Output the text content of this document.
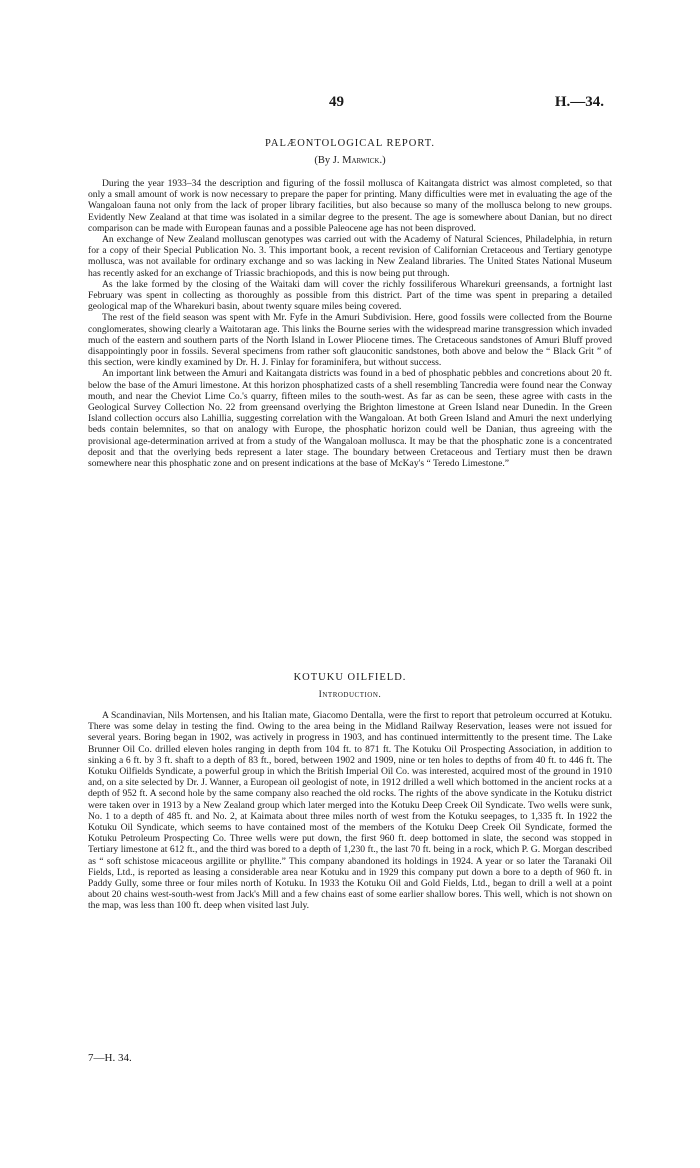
49	H.—34.
PALÆONTOLOGICAL REPORT.
(By J. Marwick.)

During the year 1933–34 the description and figuring of the fossil mollusca of Kaitangata district was almost completed, so that only a small amount of work is now necessary to prepare the paper for printing. Many difficulties were met in evaluating the age of the Wangaloan fauna not only from the lack of proper library facilities, but also because so many of the mollusca belong to new groups. Evidently New Zealand at that time was isolated in a similar degree to the present. The age is somewhere about Danian, but no direct comparison can be made with European faunas and a possible Paleocene age has not been disproved.

An exchange of New Zealand molluscan genotypes was carried out with the Academy of Natural Sciences, Philadelphia, in return for a copy of their Special Publication No. 3. This important book, a recent revision of Californian Cretaceous and Tertiary genotype mollusca, was not available for ordinary exchange and so was lacking in New Zealand libraries. The United States National Museum has recently asked for an exchange of Triassic brachiopods, and this is now being put through.

As the lake formed by the closing of the Waitaki dam will cover the richly fossiliferous Wharekuri greensands, a fortnight last February was spent in collecting as thoroughly as possible from this district. Part of the time was spent in preparing a detailed geological map of the Wharekuri basin, about twenty square miles being covered.

The rest of the field season was spent with Mr. Fyfe in the Amuri Subdivision. Here, good fossils were collected from the Bourne conglomerates, showing clearly a Waitotaran age. This links the Bourne series with the widespread marine transgression which invaded much of the eastern and southern parts of the North Island in Lower Pliocene times. The Cretaceous sandstones of Amuri Bluff proved disappointingly poor in fossils. Several specimens from rather soft glauconitic sandstones, both above and below the “ Black Grit ” of this section, were kindly examined by Dr. H. J. Finlay for foraminifera, but without success.

An important link between the Amuri and Kaitangata districts was found in a bed of phosphatic pebbles and concretions about 20 ft. below the base of the Amuri limestone. At this horizon phosphatized casts of a shell resembling Tancredia were found near the Conway mouth, and near the Cheviot Lime Co.'s quarry, fifteen miles to the south-west. As far as can be seen, these agree with casts in the Geological Survey Collection No. 22 from greensand overlying the Brighton limestone at Green Island near Dunedin. In the Green Island collection occurs also Lahillia, suggesting correlation with the Wangaloan. At both Green Island and Amuri the next underlying beds contain belemnites, so that on analogy with Europe, the phosphatic horizon could well be Danian, thus agreeing with the provisional age-determination arrived at from a study of the Wangaloan mollusca. It may be that the phosphatic zone is a concentrated deposit and that the overlying beds represent a later stage. The boundary between Cretaceous and Tertiary must then be drawn somewhere near this phosphatic zone and on present indications at the base of McKay's “ Teredo Limestone.”

KOTUKU OILFIELD.
Introduction.

A Scandinavian, Nils Mortensen, and his Italian mate, Giacomo Dentalla, were the first to report that petroleum occurred at Kotuku. There was some delay in testing the find. Owing to the area being in the Midland Railway Reservation, leases were not issued for several years. Boring began in 1902, was actively in progress in 1903, and has continued intermittently to the present time. The Lake Brunner Oil Co. drilled eleven holes ranging in depth from 104 ft. to 871 ft. The Kotuku Oil Prospecting Association, in addition to sinking a 6 ft. by 3 ft. shaft to a depth of 83 ft., bored, between 1902 and 1909, nine or ten holes to depths of from 40 ft. to 446 ft. The Kotuku Oilfields Syndicate, a powerful group in which the British Imperial Oil Co. was interested, acquired most of the ground in 1910 and, on a site selected by Dr. J. Wanner, a European oil geologist of note, in 1912 drilled a well which bottomed in the ancient rocks at a depth of 952 ft. A second hole by the same company also reached the old rocks. The rights of the above syndicate in the Kotuku district were taken over in 1913 by a New Zealand group which later merged into the Kotuku Deep Creek Oil Syndicate. Two wells were sunk, No. 1 to a depth of 485 ft. and No. 2, at Kaimata about three miles north of west from the Kotuku seepages, to 1,335 ft. In 1922 the Kotuku Oil Syndicate, which seems to have contained most of the members of the Kotuku Deep Creek Oil Syndicate, formed the Kotuku Petroleum Prospecting Co. Three wells were put down, the first 960 ft. deep bottomed in slate, the second was stopped in Tertiary limestone at 612 ft., and the third was bored to a depth of 1,230 ft., the last 70 ft. being in a rock, which P. G. Morgan described as “ soft schistose micaceous argillite or phyllite.” This company abandoned its holdings in 1924. A year or so later the Taranaki Oil Fields, Ltd., is reported as leasing a considerable area near Kotuku and in 1929 this company put down a bore to a depth of 960 ft. in Paddy Gully, some three or four miles north of Kotuku. In 1933 the Kotuku Oil and Gold Fields, Ltd., began to drill a well at a point about 20 chains west-south-west from Jack's Mill and a few chains east of some earlier shallow bores. This well, which is not shown on the map, was less than 100 ft. deep when visited last July.

7—H. 34.
